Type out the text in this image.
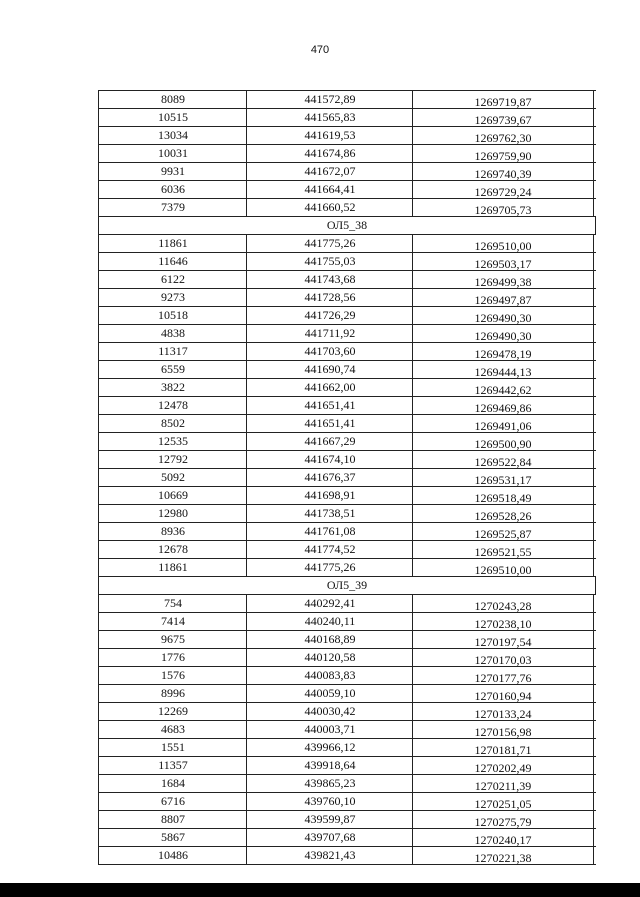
470
8089	441572,89	1269719,87
10515	441565,83	1269739,67
13034	441619,53	1269762,30
10031	441674,86	1269759,90
9931	441672,07	1269740,39
6036	441664,41	1269729,24
7379	441660,52	1269705,73
ОЛ5_38
11861	441775,26	1269510,00
11646	441755,03	1269503,17
6122	441743,68	1269499,38
9273	441728,56	1269497,87
10518	441726,29	1269490,30
4838	441711,92	1269490,30
11317	441703,60	1269478,19
6559	441690,74	1269444,13
3822	441662,00	1269442,62
12478	441651,41	1269469,86
8502	441651,41	1269491,06
12535	441667,29	1269500,90
12792	441674,10	1269522,84
5092	441676,37	1269531,17
10669	441698,91	1269518,49
12980	441738,51	1269528,26
8936	441761,08	1269525,87
12678	441774,52	1269521,55
11861	441775,26	1269510,00
ОЛ5_39
754	440292,41	1270243,28
7414	440240,11	1270238,10
9675	440168,89	1270197,54
1776	440120,58	1270170,03
1576	440083,83	1270177,76
8996	440059,10	1270160,94
12269	440030,42	1270133,24
4683	440003,71	1270156,98
1551	439966,12	1270181,71
11357	439918,64	1270202,49
1684	439865,23	1270211,39
6716	439760,10	1270251,05
8807	439599,87	1270275,79
5867	439707,68	1270240,17
10486	439821,43	1270221,38
